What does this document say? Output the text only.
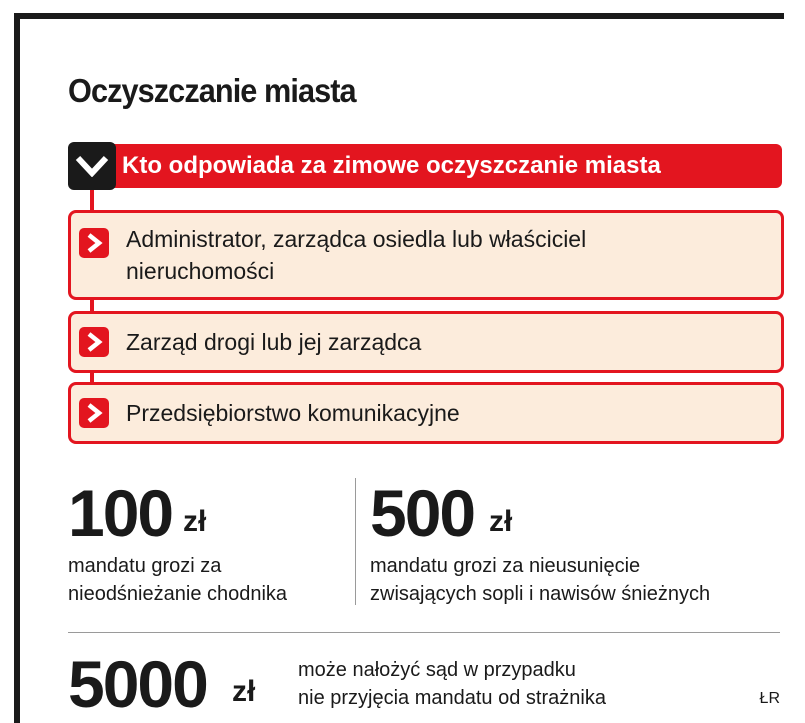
Oczyszczanie miasta
Kto odpowiada za zimowe oczyszczanie miasta
Administrator, zarządca osiedla lub właściciel
nieruchomości
Zarząd drogi lub jej zarządca
Przedsiębiorstwo komunikacyjne
100 zł
mandatu grozi za
nieodśnieżanie chodnika
500 zł
mandatu grozi za nieusunięcie
zwisających sopli i nawisów śnieżnych
5000 zł
może nałożyć sąd w przypadku
nie przyjęcia mandatu od strażnika	ŁR
